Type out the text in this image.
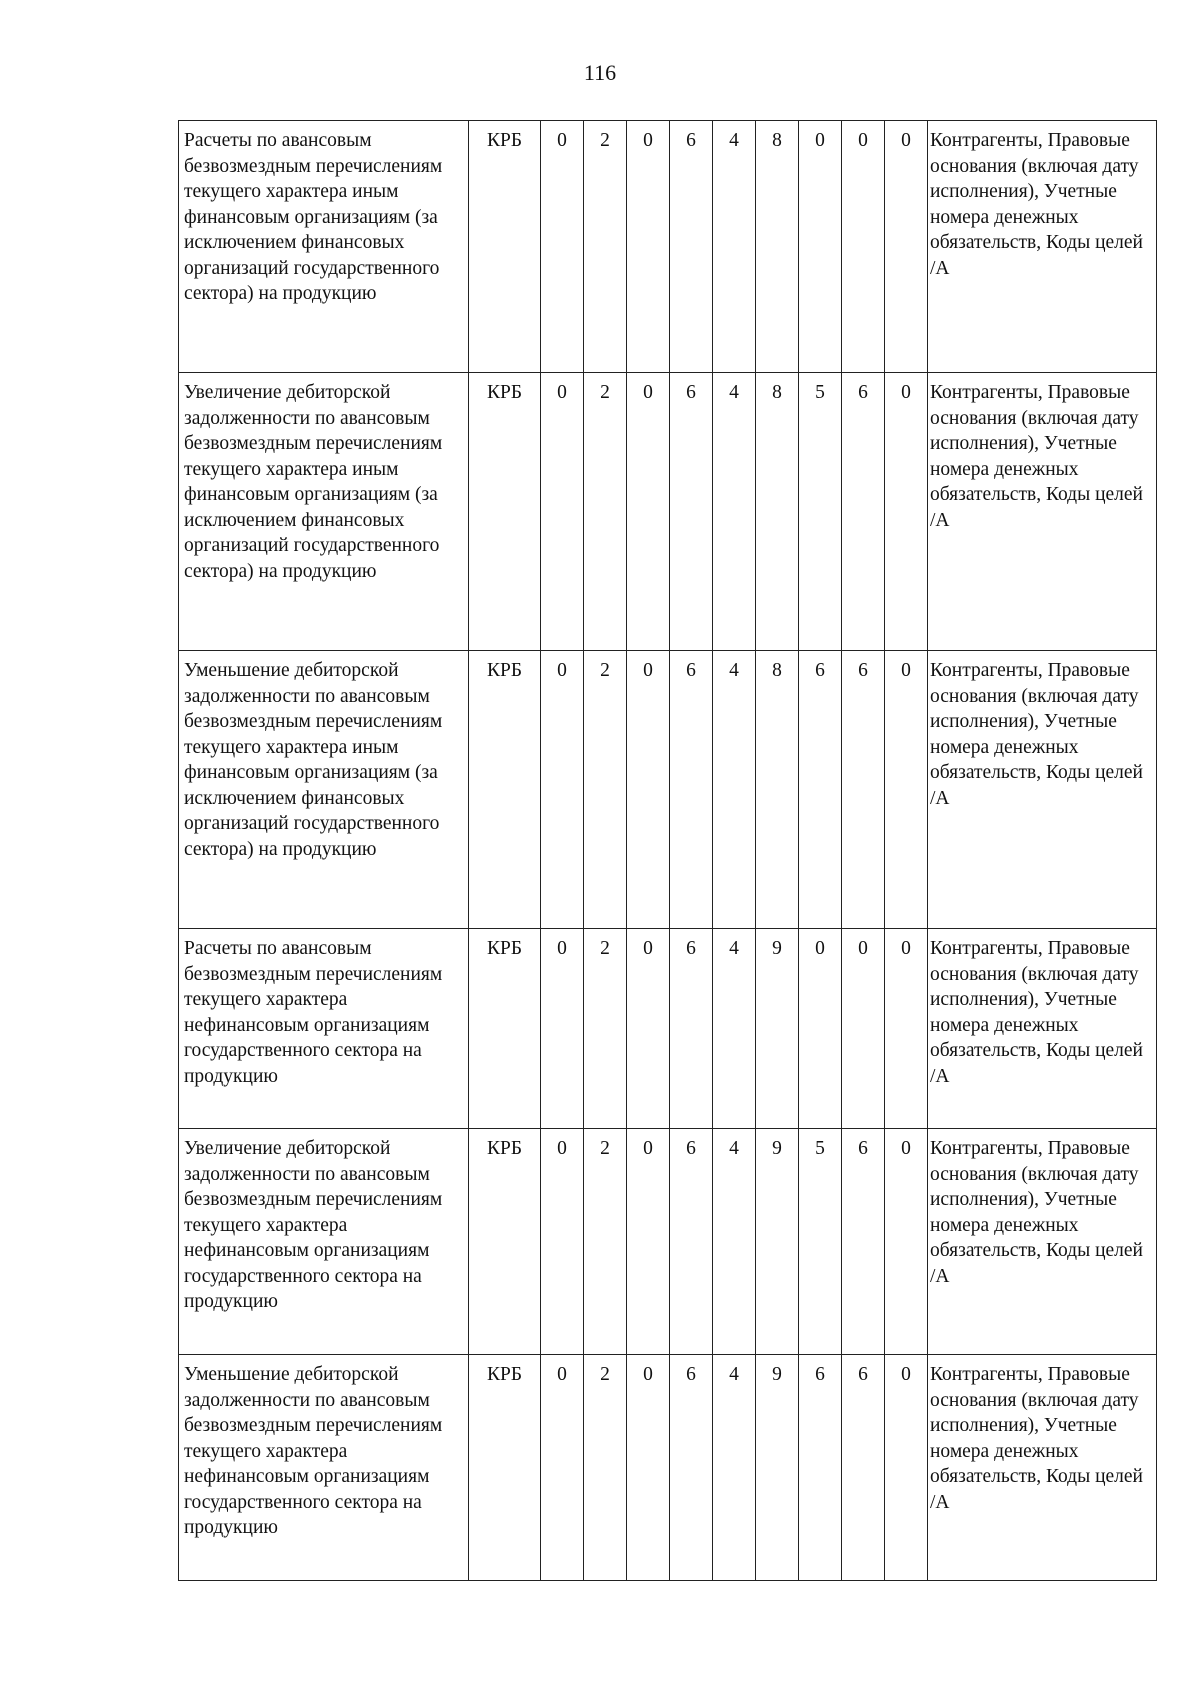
116
Расчеты по авансовым безвозмездным перечислениям текущего характера иным финансовым организациям (за исключением финансовых организаций государственного сектора) на продукцию	КРБ	0	2	0	6	4	8	0	0	0	Контрагенты, Правовые основания (включая дату исполнения), Учетные номера денежных обязательств, Коды целей /А
Увеличение дебиторской задолженности по авансовым безвозмездным перечислениям текущего характера иным финансовым организациям (за исключением финансовых организаций государственного сектора) на продукцию	КРБ	0	2	0	6	4	8	5	6	0	Контрагенты, Правовые основания (включая дату исполнения), Учетные номера денежных обязательств, Коды целей /А
Уменьшение дебиторской задолженности по авансовым безвозмездным перечислениям текущего характера иным финансовым организациям (за исключением финансовых организаций государственного сектора) на продукцию	КРБ	0	2	0	6	4	8	6	6	0	Контрагенты, Правовые основания (включая дату исполнения), Учетные номера денежных обязательств, Коды целей /А
Расчеты по авансовым безвозмездным перечислениям текущего характера нефинансовым организациям государственного сектора на продукцию	КРБ	0	2	0	6	4	9	0	0	0	Контрагенты, Правовые основания (включая дату исполнения), Учетные номера денежных обязательств, Коды целей /А
Увеличение дебиторской задолженности по авансовым безвозмездным перечислениям текущего характера нефинансовым организациям государственного сектора на продукцию	КРБ	0	2	0	6	4	9	5	6	0	Контрагенты, Правовые основания (включая дату исполнения), Учетные номера денежных обязательств, Коды целей /А
Уменьшение дебиторской задолженности по авансовым безвозмездным перечислениям текущего характера нефинансовым организациям государственного сектора на продукцию	КРБ	0	2	0	6	4	9	6	6	0	Контрагенты, Правовые основания (включая дату исполнения), Учетные номера денежных обязательств, Коды целей /А
